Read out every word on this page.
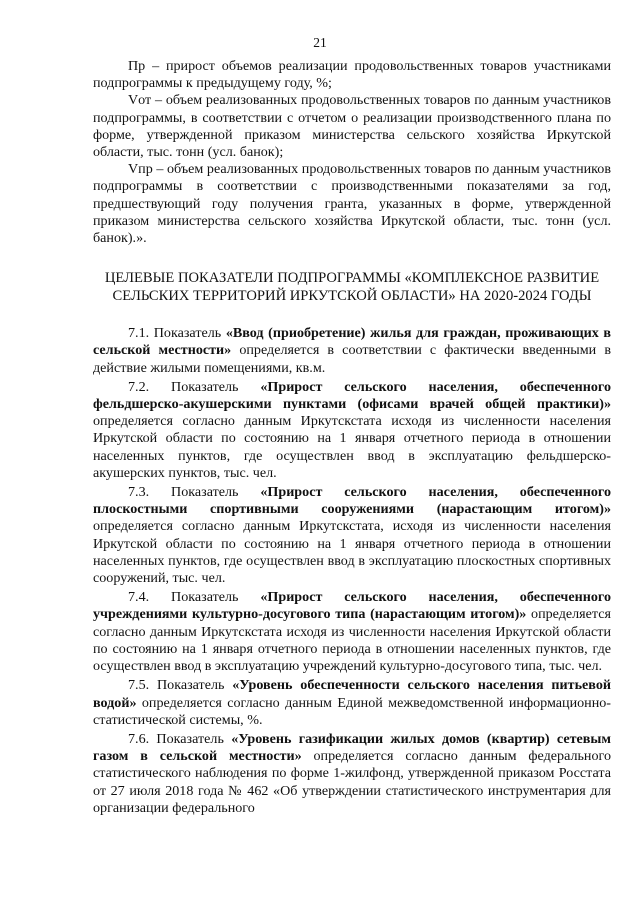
21

Пр – прирост объемов реализации продовольственных товаров участниками подпрограммы к предыдущему году, %;

Vот – объем реализованных продовольственных товаров по данным участников подпрограммы, в соответствии с отчетом о реализации производственного плана по форме, утвержденной приказом министерства сельского хозяйства Иркутской области, тыс. тонн (усл. банок);

Vпр – объем реализованных продовольственных товаров по данным участников подпрограммы в соответствии с производственными показателями за год, предшествующий году получения гранта, указанных в форме, утвержденной приказом министерства сельского хозяйства Иркутской области, тыс. тонн (усл. банок).».

ЦЕЛЕВЫЕ ПОКАЗАТЕЛИ ПОДПРОГРАММЫ «КОМПЛЕКСНОЕ РАЗВИТИЕ СЕЛЬСКИХ ТЕРРИТОРИЙ ИРКУТСКОЙ ОБЛАСТИ» НА 2020-2024 ГОДЫ

7.1. Показатель «Ввод (приобретение) жилья для граждан, проживающих в сельской местности» определяется в соответствии с фактически введенными в действие жилыми помещениями, кв.м.

7.2. Показатель «Прирост сельского населения, обеспеченного фельдшерско-акушерскими пунктами (офисами врачей общей практики)» определяется согласно данным Иркутскстата исходя из численности населения Иркутской области по состоянию на 1 января отчетного периода в отношении населенных пунктов, где осуществлен ввод в эксплуатацию фельдшерско-акушерских пунктов, тыс. чел.

7.3. Показатель «Прирост сельского населения, обеспеченного плоскостными спортивными сооружениями (нарастающим итогом)» определяется согласно данным Иркутскстата, исходя из численности населения Иркутской области по состоянию на 1 января отчетного периода в отношении населенных пунктов, где осуществлен ввод в эксплуатацию плоскостных спортивных сооружений, тыс. чел.

7.4. Показатель «Прирост сельского населения, обеспеченного учреждениями культурно-досугового типа (нарастающим итогом)» определяется согласно данным Иркутскстата исходя из численности населения Иркутской области по состоянию на 1 января отчетного периода в отношении населенных пунктов, где осуществлен ввод в эксплуатацию учреждений культурно-досугового типа, тыс. чел.

7.5. Показатель «Уровень обеспеченности сельского населения питьевой водой» определяется согласно данным Единой межведомственной информационно-статистической системы, %.

7.6. Показатель «Уровень газификации жилых домов (квартир) сетевым газом в сельской местности» определяется согласно данным федерального статистического наблюдения по форме 1-жилфонд, утвержденной приказом Росстата от 27 июля 2018 года № 462 «Об утверждении статистического инструментария для организации федерального
